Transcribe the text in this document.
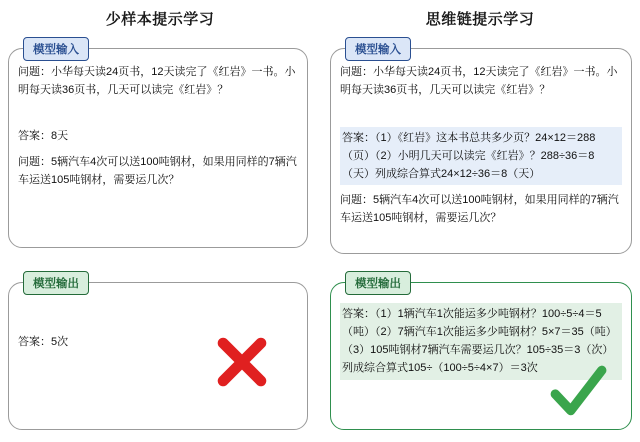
少样本提示学习	思维链提示学习
模型输入
问题：小华每天读24页书，12天读完了《红岩》一书。小明每天读36页书，几天可以读完《红岩》？
答案：8天
问题：5辆汽车4次可以送100吨钢材，如果用同样的7辆汽车运送105吨钢材，需要运几次？
模型输出
答案：5次
模型输入
问题：小华每天读24页书，12天读完了《红岩》一书。小明每天读36页书，几天可以读完《红岩》？
答案：（1）《红岩》这本书总共多少页？24×12＝288（页）（2）小明几天可以读完《红岩》？288÷36＝8（天）列成综合算式24×12÷36＝8（天）
问题：5辆汽车4次可以送100吨钢材，如果用同样的7辆汽车运送105吨钢材，需要运几次？
模型输出
答案：（1）1辆汽车1次能运多少吨钢材？100÷5÷4＝5（吨）（2）7辆汽车1次能运多少吨钢材？5×7＝35（吨）（3）105吨钢材7辆汽车需要运几次？105÷35＝3（次）列成综合算式105÷（100÷5÷4×7）＝3次
